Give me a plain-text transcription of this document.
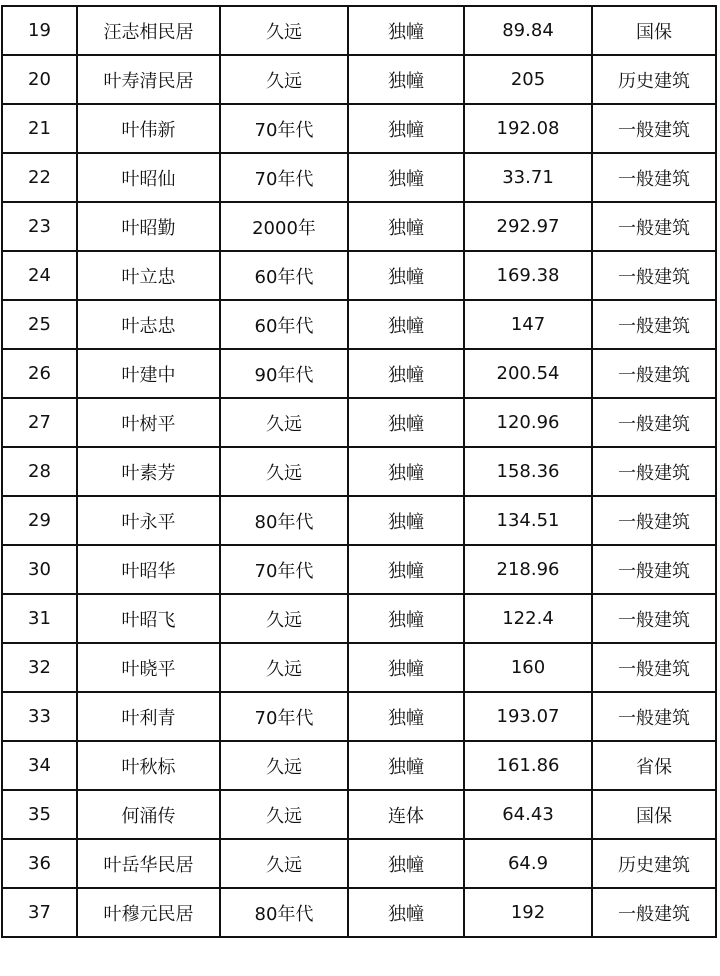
19	汪志相民居	久远	独幢	89.84	国保
20	叶寿清民居	久远	独幢	205	历史建筑
21	叶伟新	70年代	独幢	192.08	一般建筑
22	叶昭仙	70年代	独幢	33.71	一般建筑
23	叶昭勤	2000年	独幢	292.97	一般建筑
24	叶立忠	60年代	独幢	169.38	一般建筑
25	叶志忠	60年代	独幢	147	一般建筑
26	叶建中	90年代	独幢	200.54	一般建筑
27	叶树平	久远	独幢	120.96	一般建筑
28	叶素芳	久远	独幢	158.36	一般建筑
29	叶永平	80年代	独幢	134.51	一般建筑
30	叶昭华	70年代	独幢	218.96	一般建筑
31	叶昭飞	久远	独幢	122.4	一般建筑
32	叶晓平	久远	独幢	160	一般建筑
33	叶利青	70年代	独幢	193.07	一般建筑
34	叶秋标	久远	独幢	161.86	省保
35	何涌传	久远	连体	64.43	国保
36	叶岳华民居	久远	独幢	64.9	历史建筑
37	叶穆元民居	80年代	独幢	192	一般建筑
